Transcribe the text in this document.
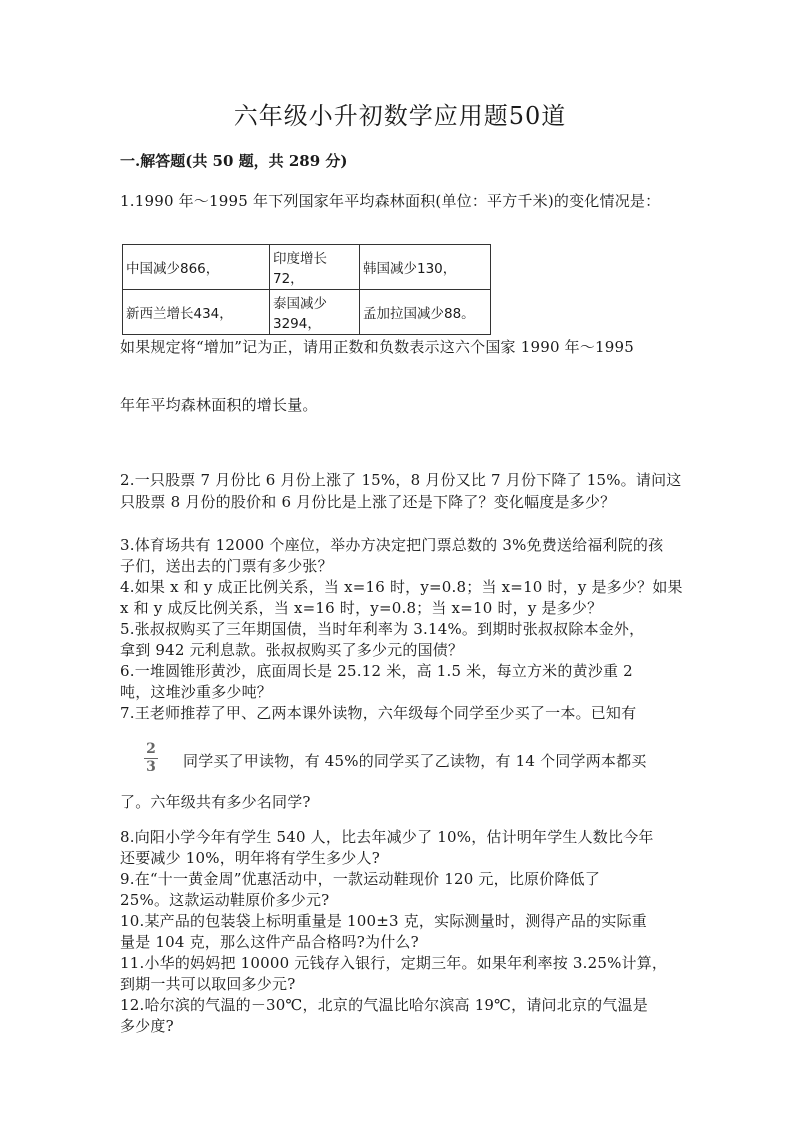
六年级小升初数学应用题50道
一.解答题(共 50 题，共 289 分)
1.1990 年～1995 年下列国家年平均森林面积(单位：平方千米)的变化情况是：
中国减少866，	印度增长72，	韩国减少130，
新西兰增长434，	泰国减少3294，	孟加拉国减少88。
如果规定将“增加”记为正，请用正数和负数表示这六个国家 1990 年～1995
年年平均森林面积的增长量。
2.一只股票 7 月份比 6 月份上涨了 15%，8 月份又比 7 月份下降了 15%。请问这
只股票 8 月份的股价和 6 月份比是上涨了还是下降了？变化幅度是多少？
3.体育场共有 12000 个座位，举办方决定把门票总数的 3%免费送给福利院的孩
子们，送出去的门票有多少张？
4.如果 x 和 y 成正比例关系，当 x=16 时，y=0.8；当 x=10 时，y 是多少？如果
x 和 y 成反比例关系，当 x=16 时，y=0.8；当 x=10 时，y 是多少？
5.张叔叔购买了三年期国债，当时年利率为 3.14%。到期时张叔叔除本金外，
拿到 942 元利息款。张叔叔购买了多少元的国债？
6.一堆圆锥形黄沙，底面周长是 25.12 米，高 1.5 米，每立方米的黄沙重 2
吨，这堆沙重多少吨？
7.王老师推荐了甲、乙两本课外读物，六年级每个同学至少买了一本。已知有
2
3 同学买了甲读物，有 45%的同学买了乙读物，有 14 个同学两本都买
了。六年级共有多少名同学?
8.向阳小学今年有学生 540 人，比去年减少了 10%，估计明年学生人数比今年
还要减少 10%，明年将有学生多少人?
9.在“十一黄金周”优惠活动中，一款运动鞋现价 120 元，比原价降低了
25%。这款运动鞋原价多少元?
10.某产品的包装袋上标明重量是 100±3 克，实际测量时，测得产品的实际重
量是 104 克，那么这件产品合格吗?为什么?
11.小华的妈妈把 10000 元钱存入银行，定期三年。如果年利率按 3.25%计算，
到期一共可以取回多少元?
12.哈尔滨的气温的－30℃，北京的气温比哈尔滨高 19℃，请问北京的气温是
多少度?
